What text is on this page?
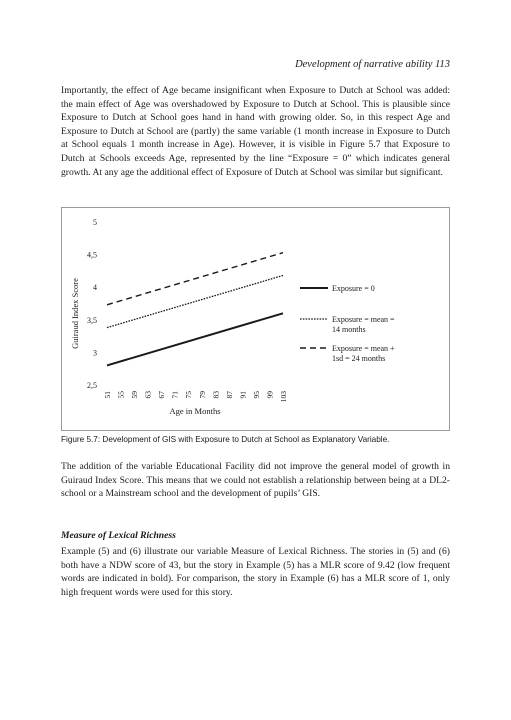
Development of narrative ability 113

Importantly, the effect of Age became insignificant when Exposure to Dutch at School was added: the main effect of Age was overshadowed by Exposure to Dutch at School. This is plausible since Exposure to Dutch at School goes hand in hand with growing older. So, in this respect Age and Exposure to Dutch at School are (partly) the same variable (1 month increase in Exposure to Dutch at School equals 1 month increase in Age). However, it is visible in Figure 5.7 that Exposure to Dutch at Schools exceeds Age, represented by the line “Exposure = 0” which indicates general growth. At any age the additional effect of Exposure of Dutch at School was similar but significant.

2,5
3
3,5
4
4,5
5
51 55 59 63 67 71 75 79 83 87 91 95 99 103
Age in Months
Guiraud Index Score	Exposure = 0
Exposure = mean = 14 months
Exposure = mean + 1sd = 24 months

Figure 5.7: Development of GIS with Exposure to Dutch at School as Explanatory Variable.

The addition of the variable Educational Facility did not improve the general model of growth in Guiraud Index Score. This means that we could not establish a relationship between being at a DL2-school or a Mainstream school and the development of pupils’ GIS.

Measure of Lexical Richness

Example (5) and (6) illustrate our variable Measure of Lexical Richness. The stories in (5) and (6) both have a NDW score of 43, but the story in Example (5) has a MLR score of 9.42 (low frequent words are indicated in bold). For comparison, the story in Example (6) has a MLR score of 1, only high frequent words were used for this story.
